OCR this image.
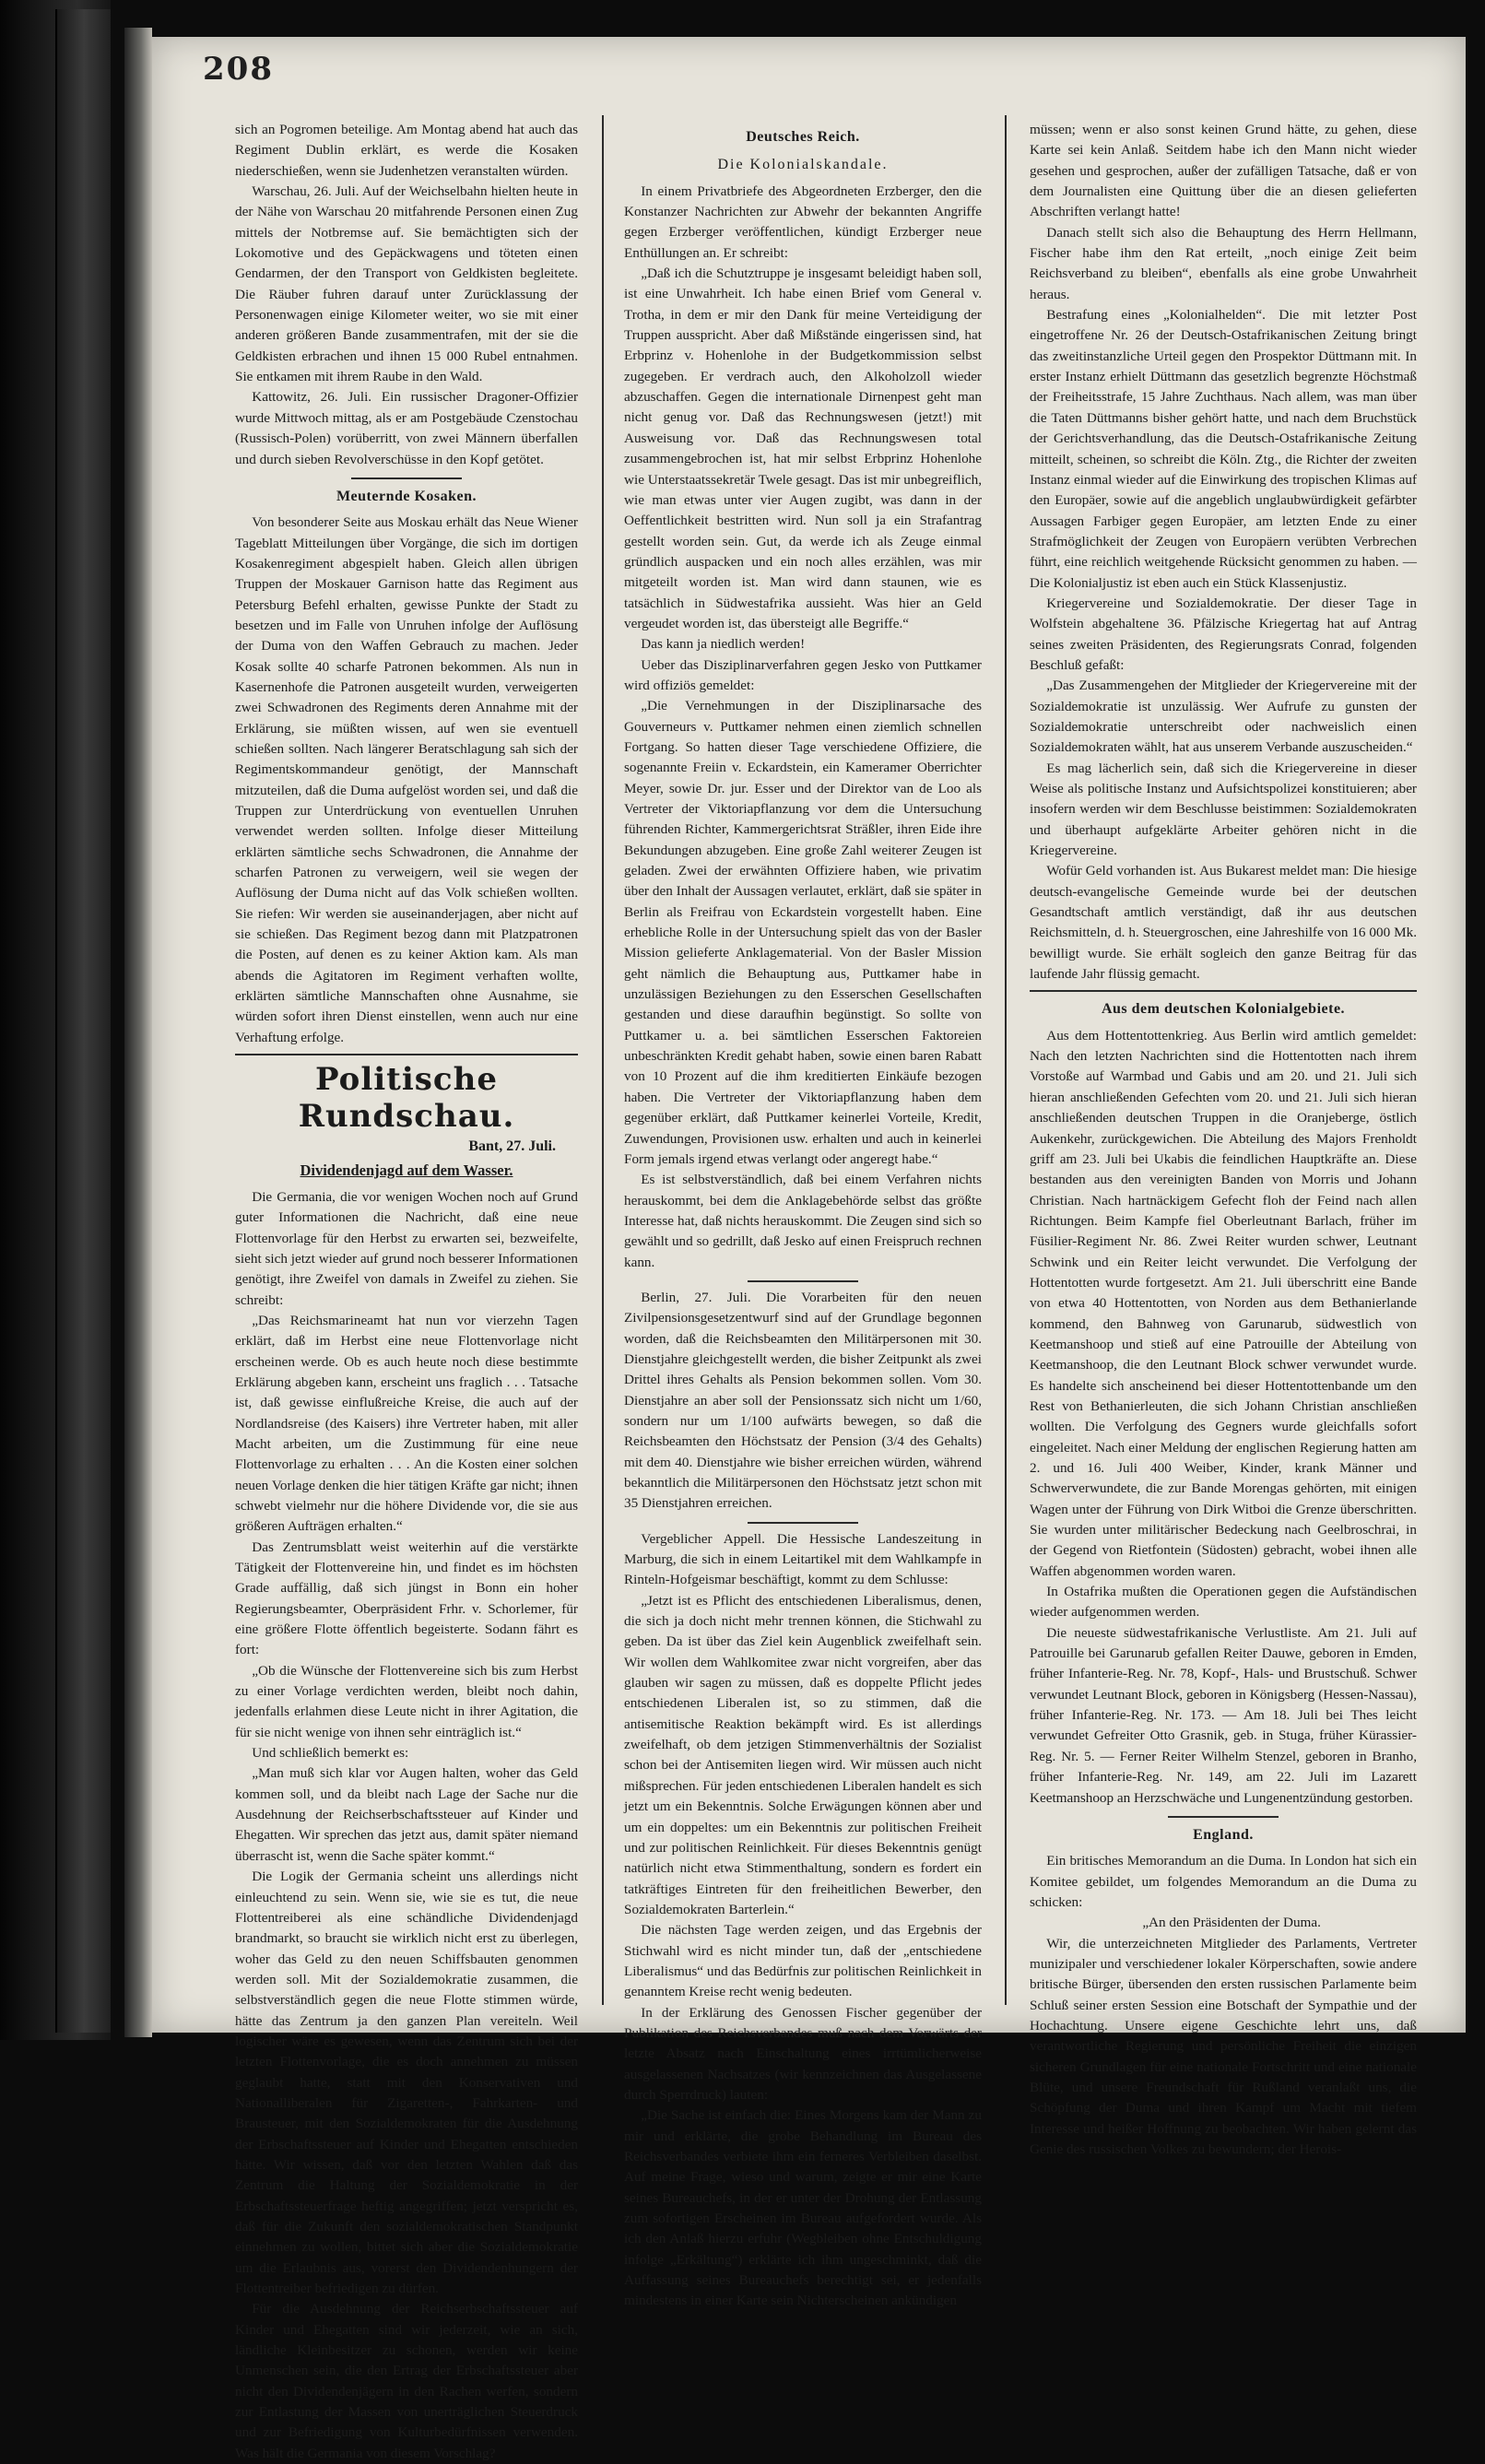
208

sich an Pogromen beteilige. Am Montag abend hat auch das Regiment Dublin erklärt, es werde die Kosaken niederschießen, wenn sie Judenhetzen veranstalten würden.

Warschau, 26. Juli. Auf der Weichselbahn hielten heute in der Nähe von Warschau 20 mitfahrende Personen einen Zug mittels der Notbremse auf. Sie bemächtigten sich der Lokomotive und des Gepäckwagens und töteten einen Gendarmen, der den Transport von Geldkisten begleitete. Die Räuber fuhren darauf unter Zurücklassung der Personenwagen einige Kilometer weiter, wo sie mit einer anderen größeren Bande zusammentrafen, mit der sie die Geldkisten erbrachen und ihnen 15 000 Rubel entnahmen. Sie entkamen mit ihrem Raube in den Wald.

Kattowitz, 26. Juli. Ein russischer Dragoner-Offizier wurde Mittwoch mittag, als er am Postgebäude Czenstochau (Russisch-Polen) vorüberritt, von zwei Männern überfallen und durch sieben Revolverschüsse in den Kopf getötet.

Meuternde Kosaken.

Von besonderer Seite aus Moskau erhält das Neue Wiener Tageblatt Mitteilungen über Vorgänge, die sich im dortigen Kosakenregiment abgespielt haben. Gleich allen übrigen Truppen der Moskauer Garnison hatte das Regiment aus Petersburg Befehl erhalten, gewisse Punkte der Stadt zu besetzen und im Falle von Unruhen infolge der Auflösung der Duma von den Waffen Gebrauch zu machen. Jeder Kosak sollte 40 scharfe Patronen bekommen. Als nun in Kasernenhofe die Patronen ausgeteilt wurden, verweigerten zwei Schwadronen des Regiments deren Annahme mit der Erklärung, sie müßten wissen, auf wen sie eventuell schießen sollten. Nach längerer Beratschlagung sah sich der Regimentskommandeur genötigt, der Mannschaft mitzuteilen, daß die Duma aufgelöst worden sei, und daß die Truppen zur Unterdrückung von eventuellen Unruhen verwendet werden sollten. Infolge dieser Mitteilung erklärten sämtliche sechs Schwadronen, die Annahme der scharfen Patronen zu verweigern, weil sie wegen der Auflösung der Duma nicht auf das Volk schießen wollten. Sie riefen: Wir werden sie auseinanderjagen, aber nicht auf sie schießen. Das Regiment bezog dann mit Platzpatronen die Posten, auf denen es zu keiner Aktion kam. Als man abends die Agitatoren im Regiment verhaften wollte, erklärten sämtliche Mannschaften ohne Ausnahme, sie würden sofort ihren Dienst einstellen, wenn auch nur eine Verhaftung erfolge.

Politische Rundschau.
Bant, 27. Juli.
Dividendenjagd auf dem Wasser.

Die Germania, die vor wenigen Wochen noch auf Grund guter Informationen die Nachricht, daß eine neue Flottenvorlage für den Herbst zu erwarten sei, bezweifelte, sieht sich jetzt wieder auf grund noch besserer Informationen genötigt, ihre Zweifel von damals in Zweifel zu ziehen. Sie schreibt:

„Das Reichsmarineamt hat nun vor vierzehn Tagen erklärt, daß im Herbst eine neue Flottenvorlage nicht erscheinen werde. Ob es auch heute noch diese bestimmte Erklärung abgeben kann, erscheint uns fraglich . . . Tatsache ist, daß gewisse einflußreiche Kreise, die auch auf der Nordlandsreise (des Kaisers) ihre Vertreter haben, mit aller Macht arbeiten, um die Zustimmung für eine neue Flottenvorlage zu erhalten . . . An die Kosten einer solchen neuen Vorlage denken die hier tätigen Kräfte gar nicht; ihnen schwebt vielmehr nur die höhere Dividende vor, die sie aus größeren Aufträgen erhalten.“

Das Zentrumsblatt weist weiterhin auf die verstärkte Tätigkeit der Flottenvereine hin, und findet es im höchsten Grade auffällig, daß sich jüngst in Bonn ein hoher Regierungsbeamter, Oberpräsident Frhr. v. Schorlemer, für eine größere Flotte öffentlich begeisterte. Sodann fährt es fort:

„Ob die Wünsche der Flottenvereine sich bis zum Herbst zu einer Vorlage verdichten werden, bleibt noch dahin, jedenfalls erlahmen diese Leute nicht in ihrer Agitation, die für sie nicht wenige von ihnen sehr einträglich ist.“

Und schließlich bemerkt es:

„Man muß sich klar vor Augen halten, woher das Geld kommen soll, und da bleibt nach Lage der Sache nur die Ausdehnung der Reichserbschaftssteuer auf Kinder und Ehegatten. Wir sprechen das jetzt aus, damit später niemand überrascht ist, wenn die Sache später kommt.“

Die Logik der Germania scheint uns allerdings nicht einleuchtend zu sein. Wenn sie, wie sie es tut, die neue Flottentreiberei als eine schändliche Dividendenjagd brandmarkt, so braucht sie wirklich nicht erst zu überlegen, woher das Geld zu den neuen Schiffsbauten genommen werden soll. Mit der Sozialdemokratie zusammen, die selbstverständlich gegen die neue Flotte stimmen würde, hätte das Zentrum ja den ganzen Plan vereiteln. Weil logischer wäre es gewesen, wenn das Zentrum sich bei der letzten Flottenvorlage, die es doch annehmen zu müssen geglaubt hatte, statt mit den Konservativen und Nationalliberalen für Zigaretten-, Fahrkarten- und Brausteuer, mit den Sozialdemokraten für die Ausdehnung der Erbschaftssteuer auf Kinder und Ehegatten entschieden hätte. Wir wissen, daß vor den letzten Wahlen daß das Zentrum die Haltung der Sozialdemokratie in der Erbschaftssteuerfrage heftig angegriffen; jetzt verspricht es, daß für die Zukunft den sozialdemokratischen Standpunkt einnehmen zu wollen, bittet sich aber die Sozialdemokratie um die Erlaubnis aus, vorerst den Dividendenhungern der Flottentreiber befriedigen zu dürfen.

Für die Ausdehnung der Reichserbschaftssteuer auf Kinder und Ehegatten sind wir jederzeit, wie an sich, ländliche Kleinbesitzer zu schonen, werden wir keine Unmenschen sein, die den Ertrag der Erbschaftssteuer aber nicht den Dividendenjägern in den Rachen werfen, sondern zur Entlastung der Massen von unerträglichen Steuerdruck und zur Befriedigung von Kulturbedürfnissen verwenden. Was hält die Germania von diesem Vorschlag?

Deutsches Reich.
Die Kolonialskandale.

In einem Privatbriefe des Abgeordneten Erzberger, den die Konstanzer Nachrichten zur Abwehr der bekannten Angriffe gegen Erzberger veröffentlichen, kündigt Erzberger neue Enthüllungen an. Er schreibt:

„Daß ich die Schutztruppe je insgesamt beleidigt haben soll, ist eine Unwahrheit. Ich habe einen Brief vom General v. Trotha, in dem er mir den Dank für meine Verteidigung der Truppen ausspricht. Aber daß Mißstände eingerissen sind, hat Erbprinz v. Hohenlohe in der Budgetkommission selbst zugegeben. Er verdrach auch, den Alkoholzoll wieder abzuschaffen. Gegen die internationale Dirnenpest geht man nicht genug vor. Daß das Rechnungswesen (jetzt!) mit Ausweisung vor. Daß das Rechnungswesen total zusammengebrochen ist, hat mir selbst Erbprinz Hohenlohe wie Unterstaatssekretär Twele gesagt. Das ist mir unbegreiflich, wie man etwas unter vier Augen zugibt, was dann in der Oeffentlichkeit bestritten wird. Nun soll ja ein Strafantrag gestellt worden sein. Gut, da werde ich als Zeuge einmal gründlich auspacken und ein noch alles erzählen, was mir mitgeteilt worden ist. Man wird dann staunen, wie es tatsächlich in Südwestafrika aussieht. Was hier an Geld vergeudet worden ist, das übersteigt alle Begriffe.“

Das kann ja niedlich werden!

Ueber das Disziplinarverfahren gegen Jesko von Puttkamer wird offiziös gemeldet:

„Die Vernehmungen in der Disziplinarsache des Gouverneurs v. Puttkamer nehmen einen ziemlich schnellen Fortgang. So hatten dieser Tage verschiedene Offiziere, die sogenannte Freiin v. Eckardstein, ein Kameramer Oberrichter Meyer, sowie Dr. jur. Esser und der Direktor van de Loo als Vertreter der Viktoriapflanzung vor dem die Untersuchung führenden Richter, Kammergerichtsrat Sträßler, ihren Eide ihre Bekundungen abzugeben. Eine große Zahl weiterer Zeugen ist geladen. Zwei der erwähnten Offiziere haben, wie privatim über den Inhalt der Aussagen verlautet, erklärt, daß sie später in Berlin als Freifrau von Eckardstein vorgestellt haben. Eine erhebliche Rolle in der Untersuchung spielt das von der Basler Mission gelieferte Anklagematerial. Von der Basler Mission geht nämlich die Behauptung aus, Puttkamer habe in unzulässigen Beziehungen zu den Esserschen Gesellschaften gestanden und diese daraufhin begünstigt. So sollte von Puttkamer u. a. bei sämtlichen Esserschen Faktoreien unbeschränkten Kredit gehabt haben, sowie einen baren Rabatt von 10 Prozent auf die ihm kreditierten Einkäufe bezogen haben. Die Vertreter der Viktoriapflanzung haben dem gegenüber erklärt, daß Puttkamer keinerlei Vorteile, Kredit, Zuwendungen, Provisionen usw. erhalten und auch in keinerlei Form jemals irgend etwas verlangt oder angeregt habe.“

Es ist selbstverständlich, daß bei einem Verfahren nichts herauskommt, bei dem die Anklagebehörde selbst das größte Interesse hat, daß nichts herauskommt. Die Zeugen sind sich so gewählt und so gedrillt, daß Jesko auf einen Freispruch rechnen kann.

Berlin, 27. Juli. Die Vorarbeiten für den neuen Zivilpensionsgesetzentwurf sind auf der Grundlage begonnen worden, daß die Reichsbeamten den Militärpersonen mit 30. Dienstjahre gleichgestellt werden, die bisher Zeitpunkt als zwei Drittel ihres Gehalts als Pension bekommen sollen. Vom 30. Dienstjahre an aber soll der Pensionssatz sich nicht um 1/60, sondern nur um 1/100 aufwärts bewegen, so daß die Reichsbeamten den Höchstsatz der Pension (3/4 des Gehalts) mit dem 40. Dienstjahre wie bisher erreichen würden, während bekanntlich die Militärpersonen den Höchstsatz jetzt schon mit 35 Dienstjahren erreichen.

Vergeblicher Appell. Die Hessische Landeszeitung in Marburg, die sich in einem Leitartikel mit dem Wahlkampfe in Rinteln-Hofgeismar beschäftigt, kommt zu dem Schlusse:

„Jetzt ist es Pflicht des entschiedenen Liberalismus, denen, die sich ja doch nicht mehr trennen können, die Stichwahl zu geben. Da ist über das Ziel kein Augenblick zweifelhaft sein. Wir wollen dem Wahlkomitee zwar nicht vorgreifen, aber das glauben wir sagen zu müssen, daß es doppelte Pflicht jedes entschiedenen Liberalen ist, so zu stimmen, daß die antisemitische Reaktion bekämpft wird. Es ist allerdings zweifelhaft, ob dem jetzigen Stimmenverhältnis der Sozialist schon bei der Antisemiten liegen wird. Wir müssen auch nicht mißsprechen. Für jeden entschiedenen Liberalen handelt es sich jetzt um ein Bekenntnis. Solche Erwägungen können aber und um ein doppeltes: um ein Bekenntnis zur politischen Freiheit und zur politischen Reinlichkeit. Für dieses Bekenntnis genügt natürlich nicht etwa Stimmenthaltung, sondern es fordert ein tatkräftiges Eintreten für den freiheitlichen Bewerber, den Sozialdemokraten Barterlein.“

Die nächsten Tage werden zeigen, und das Ergebnis der Stichwahl wird es nicht minder tun, daß der „entschiedene Liberalismus“ und das Bedürfnis zur politischen Reinlichkeit in genanntem Kreise recht wenig bedeuten.

In der Erklärung des Genossen Fischer gegenüber der Publikation des Reichsverbandes muß nach dem Vorwärts der letzte Absatz nach Einschaltung eines irrtümlicherweise ausgelassenen Nachsatzes (wir kennzeichnen das Ausgelassene durch Sperrdruck) lauten:

„Die Sache ist einfach die: Eines Morgens kam der Mann zu mir und erklärte, die grobe Behandlung im Bureau des Reichsverbandes verbiete ihm ein ferneres Verbleiben daselbst. Auf meine Frage, wieso und warum, zeigte er mir eine Karte seines Bureauchefs, in der er unter der Drohung der Entlassung zum sofortigen Erscheinen im Bureau aufgefordert wurde. Als ich den Anlaß hierzu erfuhr (Wegbleiben ohne Entschuldigung infolge „Erkältung“) erklärte ich ihm ungeschminkt, daß die Auffassung seines Bureauchefs berechtigt sei, er jedenfalls mindestens in einer Karte sein Nichterscheinen ankündigen

müssen; wenn er also sonst keinen Grund hätte, zu gehen, diese Karte sei kein Anlaß. Seitdem habe ich den Mann nicht wieder gesehen und gesprochen, außer der zufälligen Tatsache, daß er von dem Journalisten eine Quittung über die an diesen gelieferten Abschriften verlangt hatte!

Danach stellt sich also die Behauptung des Herrn Hellmann, Fischer habe ihm den Rat erteilt, „noch einige Zeit beim Reichsverband zu bleiben“, ebenfalls als eine grobe Unwahrheit heraus.

Bestrafung eines „Kolonialhelden“. Die mit letzter Post eingetroffene Nr. 26 der Deutsch-Ostafrikanischen Zeitung bringt das zweitinstanzliche Urteil gegen den Prospektor Düttmann mit. In erster Instanz erhielt Düttmann das gesetzlich begrenzte Höchstmaß der Freiheitsstrafe, 15 Jahre Zuchthaus. Nach allem, was man über die Taten Düttmanns bisher gehört hatte, und nach dem Bruchstück der Gerichtsverhandlung, das die Deutsch-Ostafrikanische Zeitung mitteilt, scheinen, so schreibt die Köln. Ztg., die Richter der zweiten Instanz einmal wieder auf die Einwirkung des tropischen Klimas auf den Europäer, sowie auf die angeblich unglaubwürdigkeit gefärbter Aussagen Farbiger gegen Europäer, am letzten Ende zu einer Strafmöglichkeit der Zeugen von Europäern verübten Verbrechen führt, eine reichlich weitgehende Rücksicht genommen zu haben. — Die Kolonialjustiz ist eben auch ein Stück Klassenjustiz.

Kriegervereine und Sozialdemokratie. Der dieser Tage in Wolfstein abgehaltene 36. Pfälzische Kriegertag hat auf Antrag seines zweiten Präsidenten, des Regierungsrats Conrad, folgenden Beschluß gefaßt:

„Das Zusammengehen der Mitglieder der Kriegervereine mit der Sozialdemokratie ist unzulässig. Wer Aufrufe zu gunsten der Sozialdemokratie unterschreibt oder nachweislich einen Sozialdemokraten wählt, hat aus unserem Verbande auszuscheiden.“

Es mag lächerlich sein, daß sich die Kriegervereine in dieser Weise als politische Instanz und Aufsichtspolizei konstituieren; aber insofern werden wir dem Beschlusse beistimmen: Sozialdemokraten und überhaupt aufgeklärte Arbeiter gehören nicht in die Kriegervereine.

Wofür Geld vorhanden ist. Aus Bukarest meldet man: Die hiesige deutsch-evangelische Gemeinde wurde bei der deutschen Gesandtschaft amtlich verständigt, daß ihr aus deutschen Reichsmitteln, d. h. Steuergroschen, eine Jahreshilfe von 16 000 Mk. bewilligt wurde. Sie erhält sogleich den ganze Beitrag für das laufende Jahr flüssig gemacht.

Aus dem deutschen Kolonialgebiete.

Aus dem Hottentottenkrieg. Aus Berlin wird amtlich gemeldet: Nach den letzten Nachrichten sind die Hottentotten nach ihrem Vorstoße auf Warmbad und Gabis und am 20. und 21. Juli sich hieran anschließenden Gefechten vom 20. und 21. Juli sich hieran anschließenden deutschen Truppen in die Oranjeberge, östlich Aukenkehr, zurückgewichen. Die Abteilung des Majors Frenholdt griff am 23. Juli bei Ukabis die feindlichen Hauptkräfte an. Diese bestanden aus den vereinigten Banden von Morris und Johann Christian. Nach hartnäckigem Gefecht floh der Feind nach allen Richtungen. Beim Kampfe fiel Oberleutnant Barlach, früher im Füsilier-Regiment Nr. 86. Zwei Reiter wurden schwer, Leutnant Schwink und ein Reiter leicht verwundet. Die Verfolgung der Hottentotten wurde fortgesetzt. Am 21. Juli überschritt eine Bande von etwa 40 Hottentotten, von Norden aus dem Bethanierlande kommend, den Bahnweg von Garunarub, südwestlich von Keetmanshoop und stieß auf eine Patrouille der Abteilung von Keetmanshoop, die den Leutnant Block schwer verwundet wurde. Es handelte sich anscheinend bei dieser Hottentottenbande um den Rest von Bethanierleuten, die sich Johann Christian anschließen wollten. Die Verfolgung des Gegners wurde gleichfalls sofort eingeleitet. Nach einer Meldung der englischen Regierung hatten am 2. und 16. Juli 400 Weiber, Kinder, krank Männer und Schwerverwundete, die zur Bande Morengas gehörten, mit einigen Wagen unter der Führung von Dirk Witboi die Grenze überschritten. Sie wurden unter militärischer Bedeckung nach Geelbroschrai, in der Gegend von Rietfontein (Südosten) gebracht, wobei ihnen alle Waffen abgenommen worden waren.

In Ostafrika mußten die Operationen gegen die Aufständischen wieder aufgenommen werden.

Die neueste südwestafrikanische Verlustliste. Am 21. Juli auf Patrouille bei Garunarub gefallen Reiter Dauwe, geboren in Emden, früher Infanterie-Reg. Nr. 78, Kopf-, Hals- und Brustschuß. Schwer verwundet Leutnant Block, geboren in Königsberg (Hessen-Nassau), früher Infanterie-Reg. Nr. 173. — Am 18. Juli bei Thes leicht verwundet Gefreiter Otto Grasnik, geb. in Stuga, früher Kürassier-Reg. Nr. 5. — Ferner Reiter Wilhelm Stenzel, geboren in Branho, früher Infanterie-Reg. Nr. 149, am 22. Juli im Lazarett Keetmanshoop an Herzschwäche und Lungenentzündung gestorben.

England.

Ein britisches Memorandum an die Duma. In London hat sich ein Komitee gebildet, um folgendes Memorandum an die Duma zu schicken:

„An den Präsidenten der Duma.

Wir, die unterzeichneten Mitglieder des Parlaments, Vertreter munizipaler und verschiedener lokaler Körperschaften, sowie andere britische Bürger, übersenden den ersten russischen Parlamente beim Schluß seiner ersten Session eine Botschaft der Sympathie und der Hochachtung. Unsere eigene Geschichte lehrt uns, daß verantwortliche Regierung und persönliche Freiheit die einzigen sicheren Grundlagen für eine nationale Fortschritt und eine nationale Blüte, und unsere Freundschaft für Rußland veranlaßt uns, die Schöpfung der Duma und ihren Kampf um Macht mit tiefem Interesse und heißer Hoffnung zu beobachten. Wir haben gelernt das Genie des russischen Volkes zu bewundern; der Herois-
